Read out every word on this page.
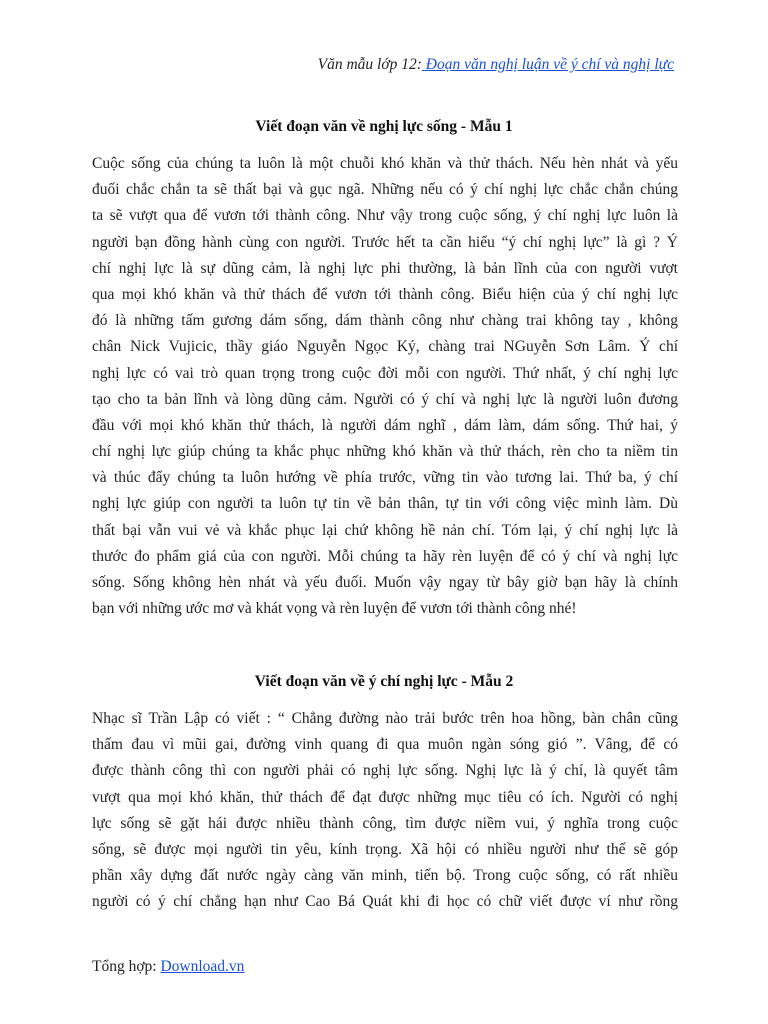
Văn mẫu lớp 12: Đoạn văn nghị luận về ý chí và nghị lực
Viết đoạn văn về nghị lực sống - Mẫu 1
Cuộc sống của chúng ta luôn là một chuỗi khó khăn và thử thách. Nếu hèn nhát và yếu
đuối chắc chắn ta sẽ thất bại và gục ngã. Những nếu có ý chí nghị lực chắc chắn chúng
ta sẽ vượt qua để vươn tới thành công. Như vậy trong cuộc sống, ý chí nghị lực luôn là
người bạn đồng hành cùng con người. Trước hết ta cần hiểu “ý chí nghị lực” là gì ? Ý
chí nghị lực là sự dũng cảm, là nghị lực phi thường, là bản lĩnh của con người vượt
qua mọi khó khăn và thử thách để vươn tới thành công. Biểu hiện của ý chí nghị lực
đó là những tấm gương dám sống, dám thành công như chàng trai không tay , không
chân Nick Vujicic, thầy giáo Nguyễn Ngọc Ký, chàng trai NGuyễn Sơn Lâm. Ý chí
nghị lực có vai trò quan trọng trong cuộc đời mỗi con người. Thứ nhất, ý chí nghị lực
tạo cho ta bản lĩnh và lòng dũng cảm. Người có ý chí và nghị lực là người luôn đương
đầu với mọi khó khăn thử thách, là người dám nghĩ , dám làm, dám sống. Thứ hai, ý
chí nghị lực giúp chúng ta khắc phục những khó khăn và thử thách, rèn cho ta niềm tin
và thúc đẩy chúng ta luôn hướng về phía trước, vững tin vào tương lai. Thứ ba, ý chí
nghị lực giúp con người ta luôn tự tin về bản thân, tự tin với công việc mình làm. Dù
thất bại vẫn vui vẻ và khắc phục lại chứ không hề nản chí. Tóm lại, ý chí nghị lực là
thước đo phẩm giá của con người. Mỗi chúng ta hãy rèn luyện để có ý chí và nghị lực
sống. Sống không hèn nhát và yếu đuối. Muốn vậy ngay từ bây giờ bạn hãy là chính
bạn với những ước mơ và khát vọng và rèn luyện để vươn tới thành công nhé!
Viết đoạn văn về ý chí nghị lực - Mẫu 2
Nhạc sĩ Trần Lập có viết : “ Chẳng đường nào trải bước trên hoa hồng, bàn chân cũng
thấm đau vì mũi gai, đường vinh quang đi qua muôn ngàn sóng gió ”. Vâng, để có
được thành công thì con người phải có nghị lực sống. Nghị lực là ý chí, là quyết tâm
vượt qua mọi khó khăn, thử thách để đạt được những mục tiêu có ích. Người có nghị
lực sống sẽ gặt hái được nhiều thành công, tìm được niềm vui, ý nghĩa trong cuộc
sống, sẽ được mọi người tin yêu, kính trọng. Xã hội có nhiều người như thế sẽ góp
phần xây dựng đất nước ngày càng văn minh, tiến bộ. Trong cuộc sống, có rất nhiều
người có ý chí chẳng hạn như Cao Bá Quát khi đi học có chữ viết được ví như rồng
Tổng hợp: Download.vn
